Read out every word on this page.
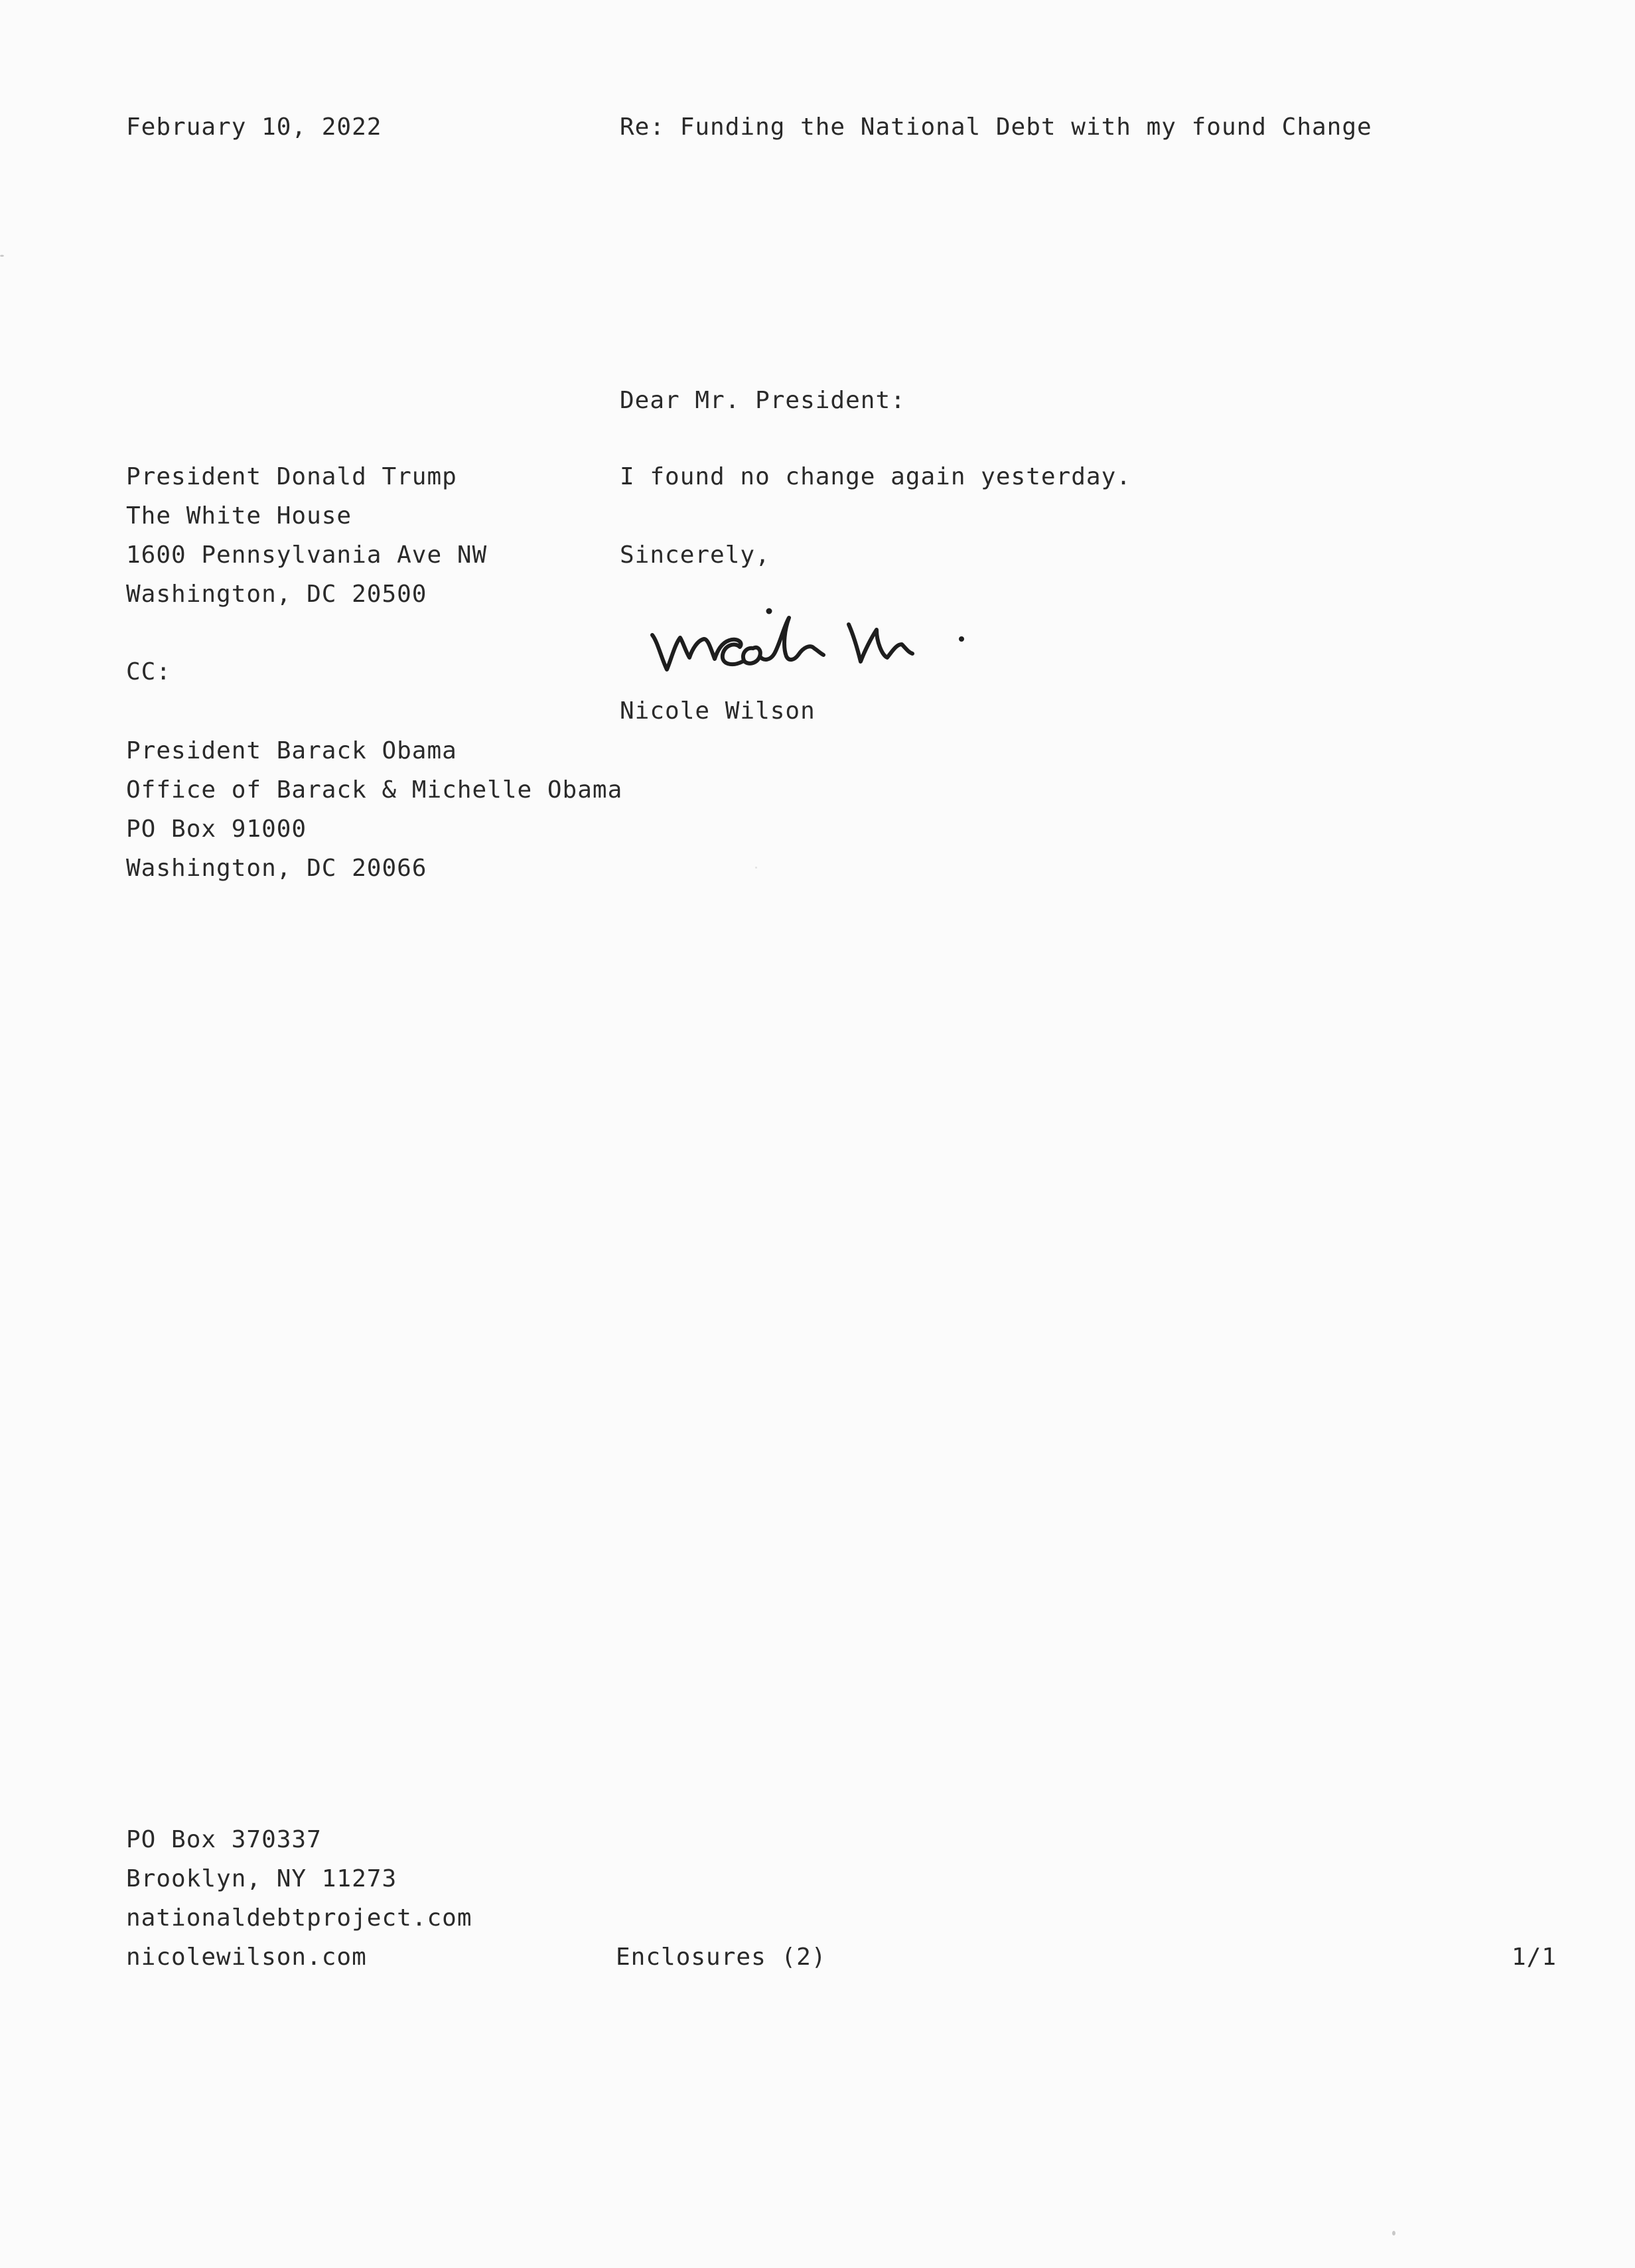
February 10, 2022	Re: Funding the National Debt with my found Change
Dear Mr. President:
President Donald Trump
The White House
1600 Pennsylvania Ave NW
Washington, DC 20500
I found no change again yesterday.
Sincerely,
Nicole Wilson
CC:
President Barack Obama
Office of Barack & Michelle Obama
PO Box 91000
Washington, DC 20066
PO Box 370337
Brooklyn, NY 11273
nationaldebtproject.com
nicolewilson.com	Enclosures (2)	1/1
